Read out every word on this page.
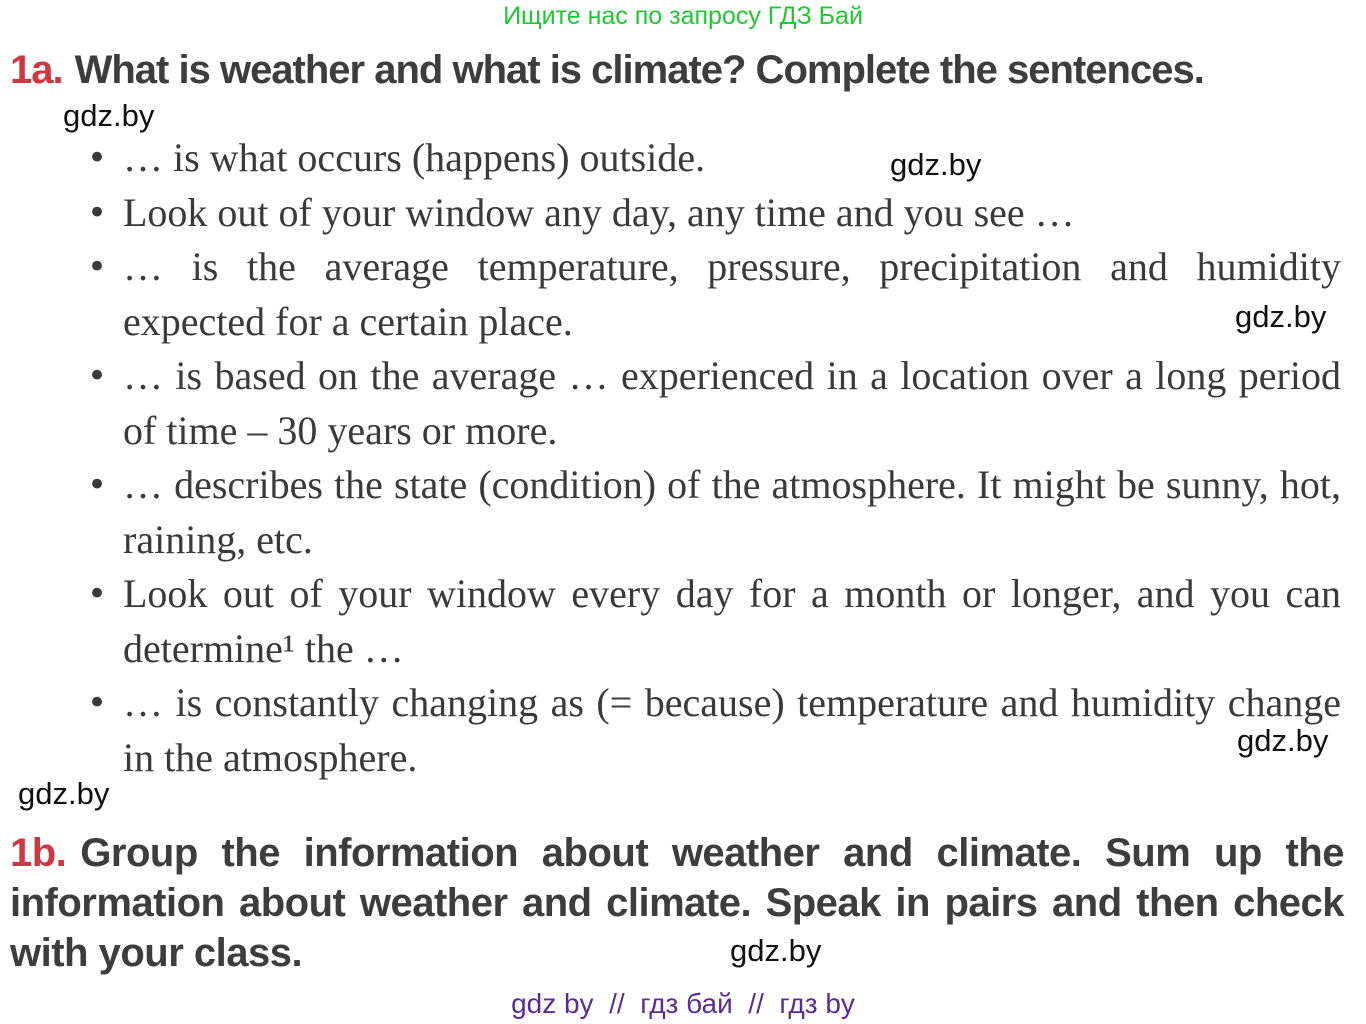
Ищите нас по запросу ГДЗ Бай
1a. What is weather and what is climate? Complete the sentences.
gdz.by
gdz.by
gdz.by
gdz.by
gdz.by
gdz.by
• … is what occurs (happens) outside.
• Look out of your window any day, any time and you see …
• … is the average temperature, pressure, precipitation and humidity expected for a certain place.
• … is based on the average … experienced in a location over a long period of time – 30 years or more.
• … describes the state (condition) of the atmosphere. It might be sunny, hot, raining, etc.
• Look out of your window every day for a month or longer, and you can determine¹ the …
• … is constantly changing as (= because) temperature and humidity change in the atmosphere.
1b. Group the information about weather and climate. Sum up the information about weather and climate. Speak in pairs and then check with your class.
gdz by  //  гдз бай  //  гдз by
